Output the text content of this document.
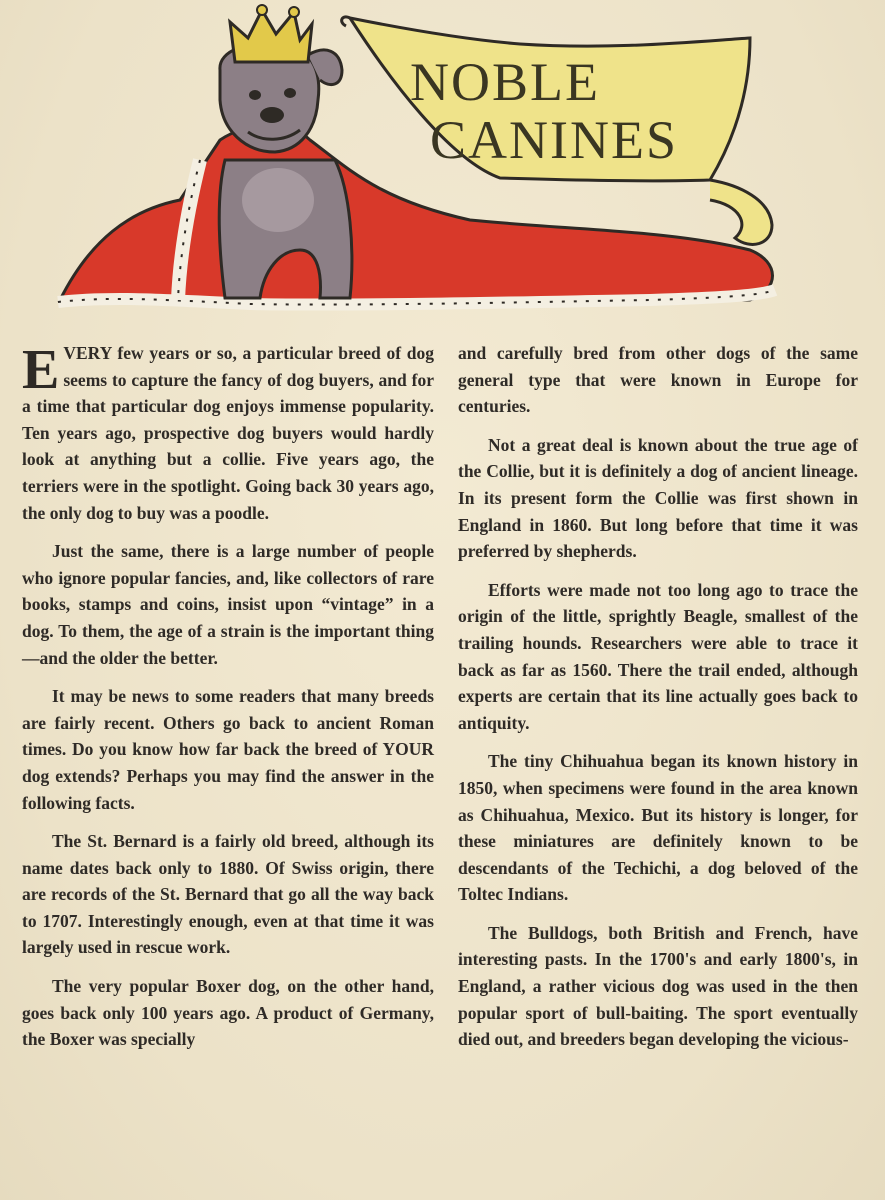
NOBLE
CANINES

EVERY few years or so, a particular breed of dog seems to capture the fancy of dog buyers, and for a time that particular dog enjoys immense popularity. Ten years ago, prospective dog buyers would hardly look at anything but a collie. Five years ago, the terriers were in the spotlight. Going back 30 years ago, the only dog to buy was a poodle.

Just the same, there is a large number of people who ignore popular fancies, and, like collectors of rare books, stamps and coins, insist upon “vintage” in a dog. To them, the age of a strain is the important thing—and the older the better.

It may be news to some readers that many breeds are fairly recent. Others go back to ancient Roman times. Do you know how far back the breed of YOUR dog extends? Perhaps you may find the answer in the following facts.

The St. Bernard is a fairly old breed, although its name dates back only to 1880. Of Swiss origin, there are records of the St. Bernard that go all the way back to 1707. Interestingly enough, even at that time it was largely used in rescue work.

The very popular Boxer dog, on the other hand, goes back only 100 years ago. A product of Germany, the Boxer was specially

and carefully bred from other dogs of the same general type that were known in Europe for centuries.

Not a great deal is known about the true age of the Collie, but it is definitely a dog of ancient lineage. In its present form the Collie was first shown in England in 1860. But long before that time it was preferred by shepherds.

Efforts were made not too long ago to trace the origin of the little, sprightly Beagle, smallest of the trailing hounds. Researchers were able to trace it back as far as 1560. There the trail ended, although experts are certain that its line actually goes back to antiquity.

The tiny Chihuahua began its known history in 1850, when specimens were found in the area known as Chihuahua, Mexico. But its history is longer, for these miniatures are definitely known to be descendants of the Techichi, a dog beloved of the Toltec Indians.

The Bulldogs, both British and French, have interesting pasts. In the 1700's and early 1800's, in England, a rather vicious dog was used in the then popular sport of bull-baiting. The sport eventually died out, and breeders began developing the vicious-
